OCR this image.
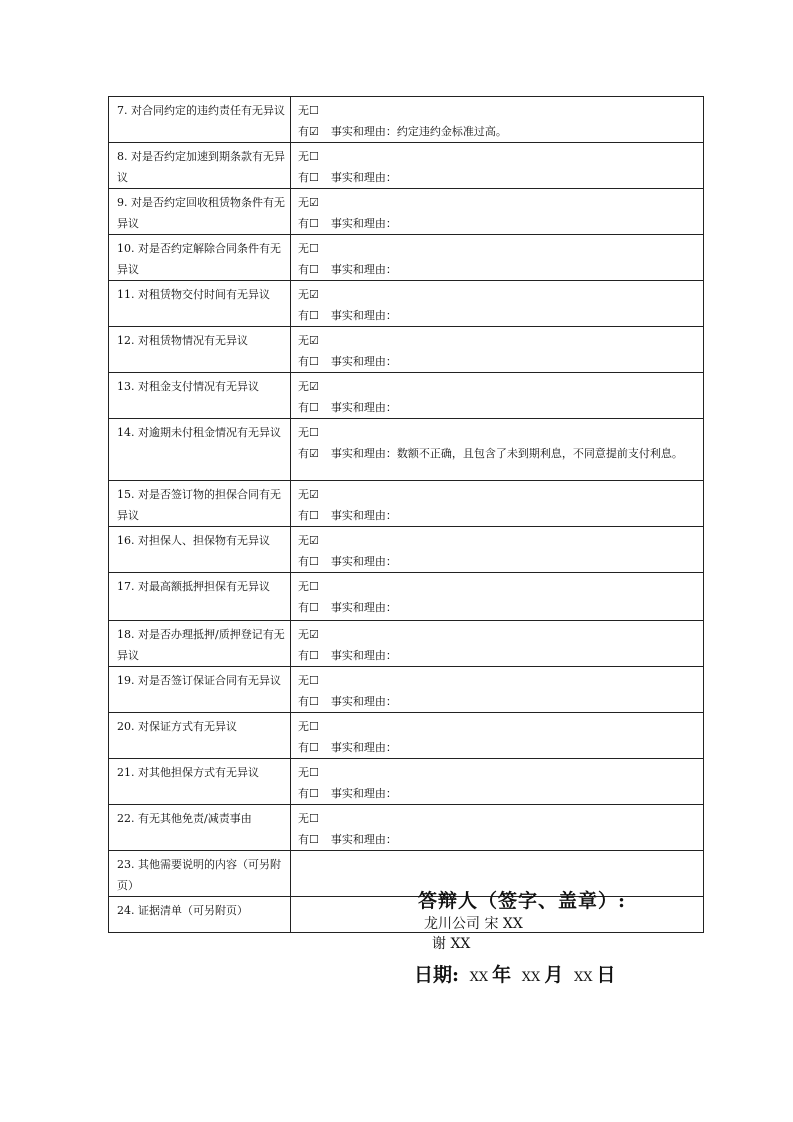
7. 对合同约定的违约责任有无异议	无☐
有☑ 事实和理由：约定违约金标准过高。

8. 对是否约定加速到期条款有无异议	无☐
有☐ 事实和理由：

9. 对是否约定回收租赁物条件有无异议	无☑
有☐ 事实和理由：

10. 对是否约定解除合同条件有无异议	无☐
有☐ 事实和理由：

11. 对租赁物交付时间有无异议	无☑
有☐ 事实和理由：

12. 对租赁物情况有无异议	无☑
有☐ 事实和理由：

13. 对租金支付情况有无异议	无☑
有☐ 事实和理由：

14. 对逾期未付租金情况有无异议	无☐
有☑ 事实和理由：数额不正确，且包含了未到期利息，不同意提前支付利息。

15. 对是否签订物的担保合同有无异议	无☑
有☐ 事实和理由：

16. 对担保人、担保物有无异议	无☑
有☐ 事实和理由：

17. 对最高额抵押担保有无异议	无☐
有☐ 事实和理由：

18. 对是否办理抵押/质押登记有无异议	无☑
有☐ 事实和理由：

19. 对是否签订保证合同有无异议	无☐
有☐ 事实和理由：

20. 对保证方式有无异议	无☐
有☐ 事实和理由：

21. 对其他担保方式有无异议	无☐
有☐ 事实和理由：

22. 有无其他免责/减责事由	无☐
有☐ 事实和理由：

23. 其他需要说明的内容（可另附页）	
24. 证据清单（可另附页）		答辩人（签字、盖章）:
龙川公司 宋 XX
谢 XX
日期: XX 年 XX 月 XX 日
